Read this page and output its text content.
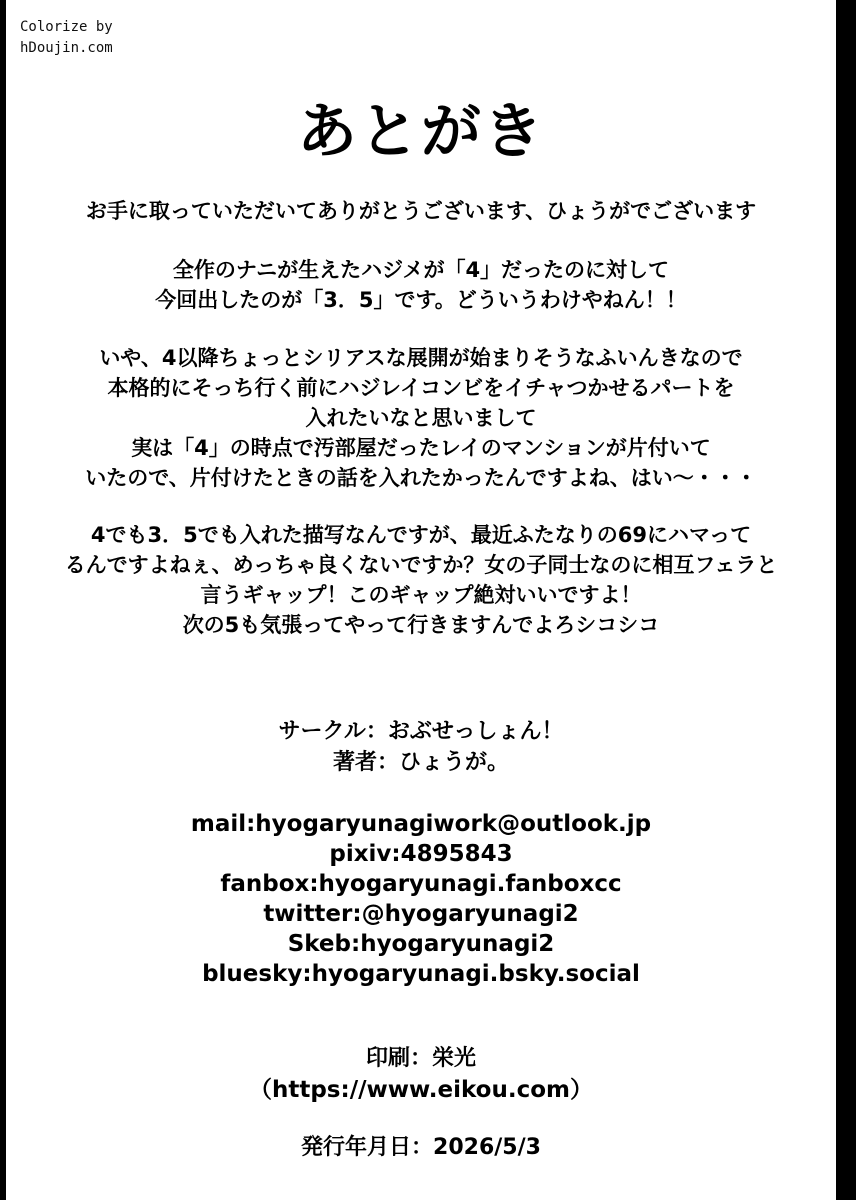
Colorize by
hDoujin.com
あとがき
お手に取っていただいてありがとうございます、ひょうがでございます
全作のナニが生えたハジメが「4」だったのに対して
今回出したのが「3．5」です。どういうわけやねん！！
いや、4以降ちょっとシリアスな展開が始まりそうなふいんきなので
本格的にそっち行く前にハジレイコンビをイチャつかせるパートを
入れたいなと思いまして
実は「4」の時点で汚部屋だったレイのマンションが片付いて
いたので、片付けたときの話を入れたかったんですよね、はい～・・・
4でも3．5でも入れた描写なんですが、最近ふたなりの69にハマって
るんですよねぇ、めっちゃ良くないですか？女の子同士なのに相互フェラと
言うギャップ！このギャップ絶対いいですよ！
次の5も気張ってやって行きますんでよろシコシコ
サークル：おぶせっしょん！
著者：ひょうが。
mail:hyogaryunagiwork@outlook.jp
pixiv:4895843
fanbox:hyogaryunagi.fanboxcc
twitter:@hyogaryunagi2
Skeb:hyogaryunagi2
bluesky:hyogaryunagi.bsky.social
印刷：栄光
（https://www.eikou.com）
発行年月日：2026/5/3
